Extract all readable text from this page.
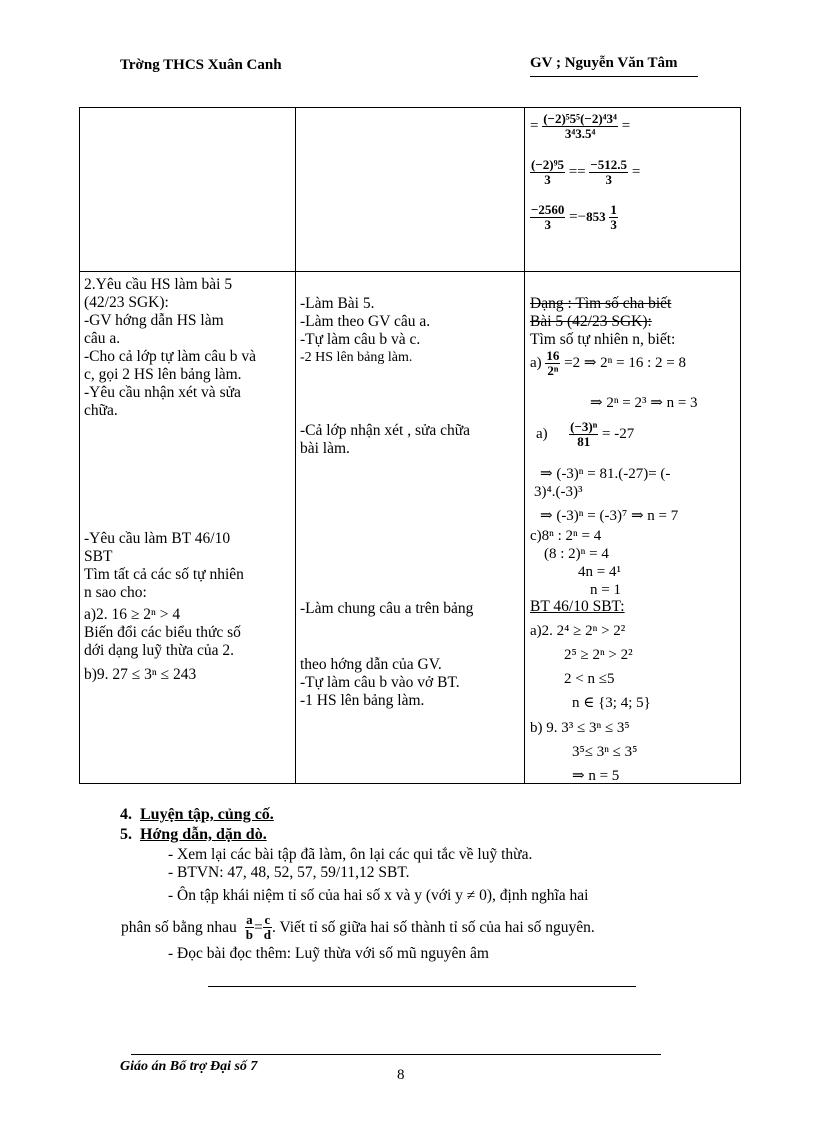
Trờng THCS Xuân Canh	GV ; Nguyễn Văn Tâm
= $\frac{\text{(−2)⁵5⁵(−2)⁴3⁴}}{\text{3⁴3.5⁴}}$ =
$\frac{\text{(−2)⁹5}}{3} == \frac{-512.5}{3}$ =
$\frac{-2560}{3} =-853 \frac{1}{3}$
2.Yêu cầu HS làm bài 5
(42/23 SGK):
-GV hớng dẫn HS làm
câu a.
-Cho cả lớp tự làm câu b và
c, gọi 2 HS lên bảng làm.
-Yêu cầu nhận xét và sửa
chữa.
-Yêu cầu làm BT 46/10
SBT
Tìm tất cả các số tự nhiên
n sao cho:
a)2. 16 ≥ 2ⁿ > 4
Biến đổi các biểu thức số
dới dạng luỹ thừa của 2.
b)9. 27 ≤ 3ⁿ ≤ 243
-Làm Bài 5.
-Làm theo GV câu a.
-Tự làm câu b và c.
-2 HS lên bảng làm.
-Cả lớp nhận xét , sửa chữa
bài làm.
-Làm chung câu a trên bảng
theo hớng dẫn của GV.
-Tự làm câu b vào vở BT.
-1 HS lên bảng làm.
Dạng : Tìm số cha biết
Bài 5 (42/23 SGK):
Tìm số tự nhiên n, biết:
$a) \frac{16}{\text{2ⁿ}} =2$ ⇒ 2ⁿ = 16 : 2 = 8
⇒ 2ⁿ = 2³ ⇒ n = 3
$a) \frac{\text{(−3)ⁿ}}{81} = -27$
⇒ (-3)ⁿ = 81.(-27)= (-
3)⁴.(-3)³
⇒ (-3)ⁿ = (-3)⁷ ⇒ n = 7
c)8ⁿ : 2ⁿ = 4
(8 : 2)ⁿ = 4
4n = 4¹
n = 1
BT 46/10 SBT:
a)2. 2⁴ ≥ 2ⁿ > 2²
2⁵ ≥ 2ⁿ > 2²
2 < n ≤5
n ∈ {3; 4; 5}
b) 9. 3³ ≤ 3ⁿ ≤ 3⁵
3⁵≤ 3ⁿ ≤ 3⁵
⇒ n = 5
4. Luyện tập, củng cố.
5. Hớng dẫn, dặn dò.
- Xem lại các bài tập đã làm, ôn lại các qui tắc về luỹ thừa.
- BTVN: 47, 48, 52, 57, 59/11,12 SBT.
- Ôn tập khái niệm tỉ số của hai số x và y (với y ≠ 0), định nghĩa hai
phân số bằng nhau $\frac{a}{b} = \frac{c}{d}$ . Viết tỉ số giữa hai số thành tỉ số của hai số nguyên.
- Đọc bài đọc thêm: Luỹ thừa với số mũ nguyên âm
Giáo án Bổ trợ Đại số 7
8
